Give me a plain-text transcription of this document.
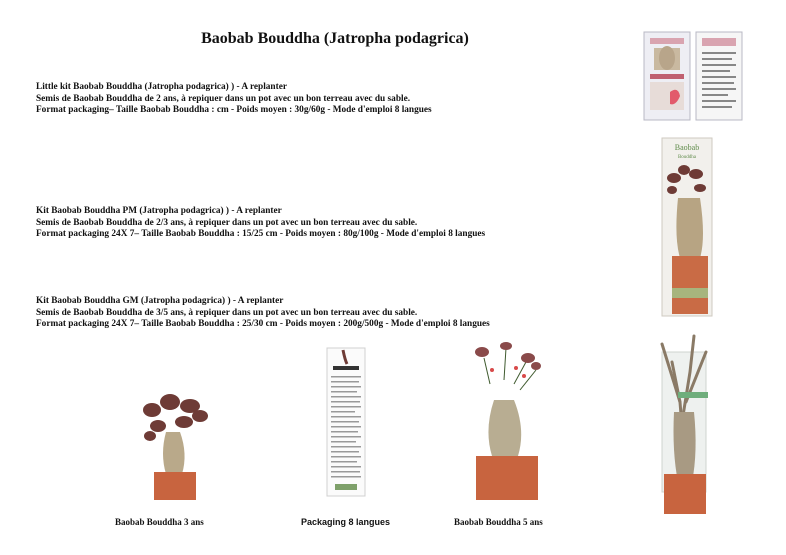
Baobab Bouddha (Jatropha podagrica)
Little kit Baobab Bouddha (Jatropha podagrica) ) - A replanter
Semis de Baobab Bouddha de 2 ans, à repiquer dans un pot avec un bon terreau avec du sable.
Format packaging– Taille Baobab Bouddha : cm - Poids moyen : 30g/60g - Mode d'emploi 8 langues
Kit Baobab Bouddha PM (Jatropha podagrica) ) - A replanter
Semis de Baobab Bouddha de 2/3 ans, à repiquer dans un pot avec un bon terreau avec du sable.
Format packaging 24X 7– Taille Baobab Bouddha : 15/25 cm - Poids moyen : 80g/100g - Mode d'emploi 8 langues
Kit Baobab Bouddha GM (Jatropha podagrica) ) - A replanter
Semis de Baobab Bouddha de 3/5 ans, à repiquer dans un pot avec un bon terreau avec du sable.
Format packaging 24X 7– Taille Baobab Bouddha : 25/30 cm - Poids moyen : 200g/500g - Mode d'emploi 8 langues
Baobab
Bouddha
Baobab Bouddha 3 ans	Packaging 8 langues	Baobab Bouddha 5 ans
